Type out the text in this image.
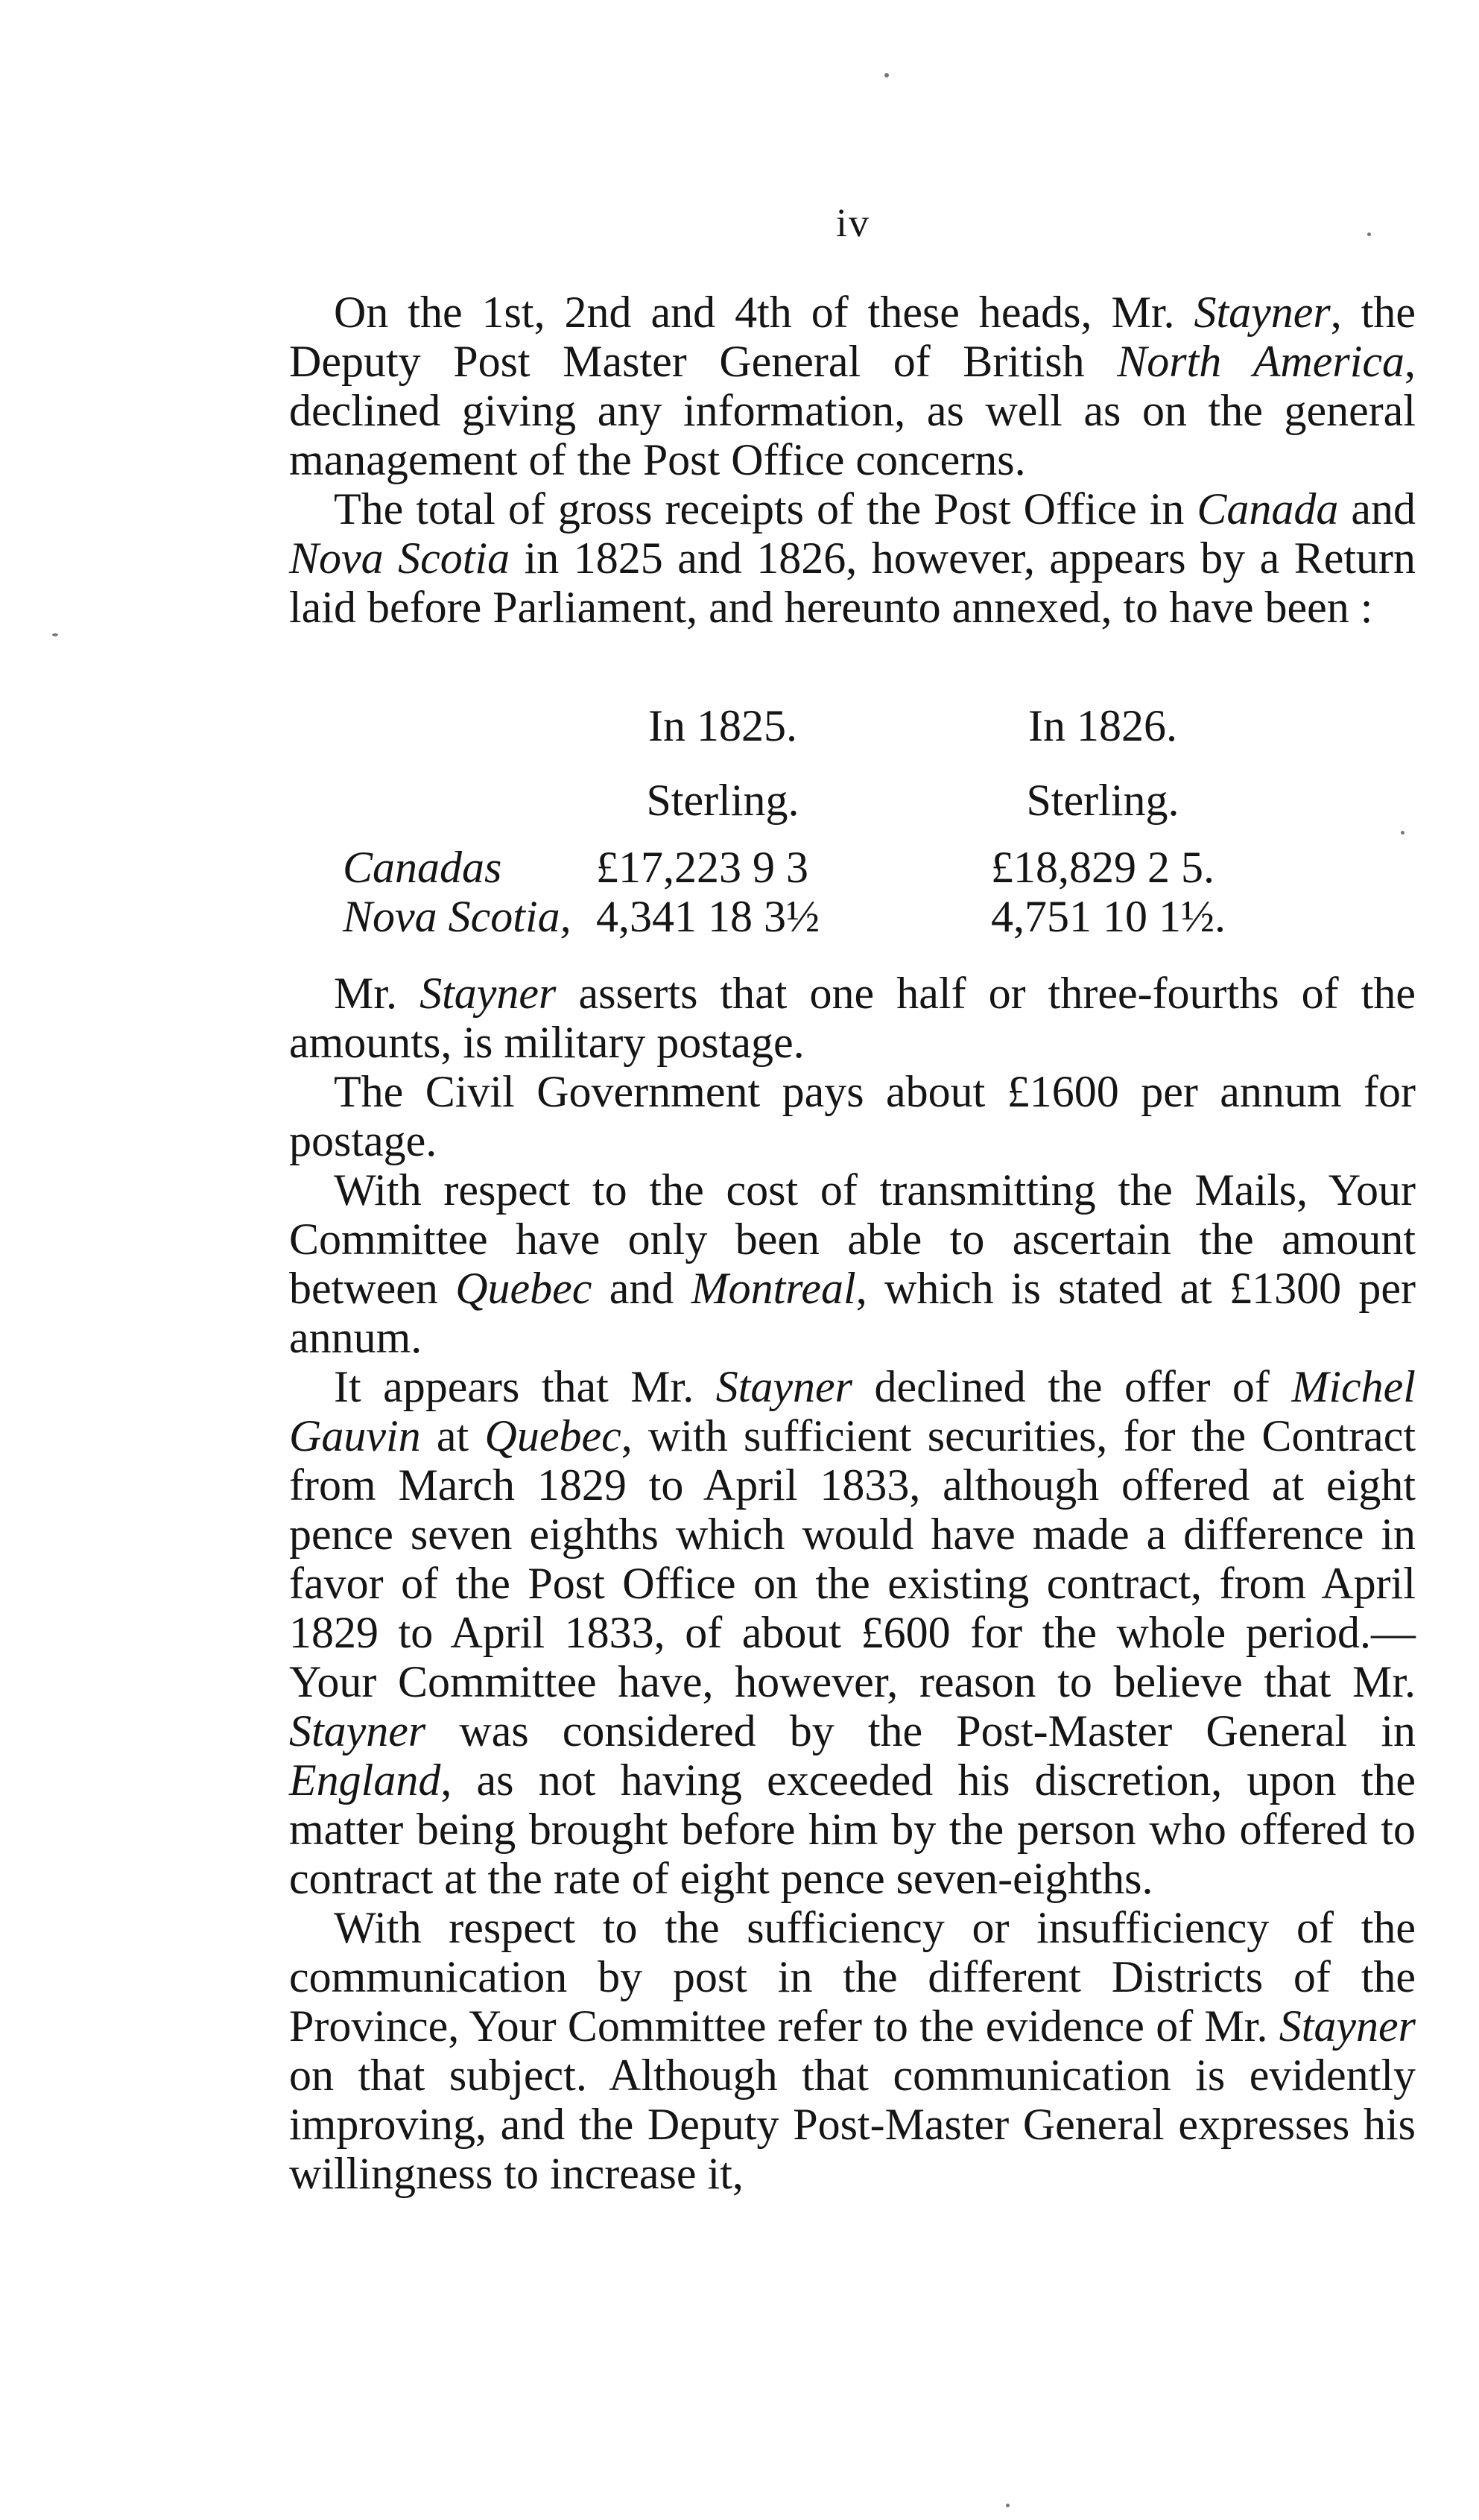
iv

On the 1st, 2nd and 4th of these heads, Mr. Stayner, the Deputy Post Master General of British North America, declined giving any information, as well as on the general management of the Post Office concerns.

The total of gross receipts of the Post Office in Canada and Nova Scotia in 1825 and 1826, however, appears by a Return laid before Parliament, and hereunto annexed, to have been :

In 1825.	In 1826.
Sterling.	Sterling.
Canadas £17,223 9 3	£18,829 2 5.
Nova Scotia, 4,341 18 3½	4,751 10 1½.

Mr. Stayner asserts that one half or three-fourths of the amounts, is military postage.

The Civil Government pays about £1600 per annum for postage.

With respect to the cost of transmitting the Mails, Your Committee have only been able to ascertain the amount between Quebec and Montreal, which is stated at £1300 per annum.

It appears that Mr. Stayner declined the offer of Michel Gauvin at Quebec, with sufficient securities, for the Contract from March 1829 to April 1833, although offered at eight pence seven eighths which would have made a difference in favor of the Post Office on the existing contract, from April 1829 to April 1833, of about £600 for the whole period.— Your Committee have, however, reason to believe that Mr. Stayner was considered by the Post-Master General in England, as not having exceeded his discretion, upon the matter being brought before him by the person who offered to contract at the rate of eight pence seven-eighths.

With respect to the sufficiency or insufficiency of the communication by post in the different Districts of the Province, Your Committee refer to the evidence of Mr. Stayner on that subject. Although that communication is evidently improving, and the Deputy Post-Master General expresses his willingness to increase it,
